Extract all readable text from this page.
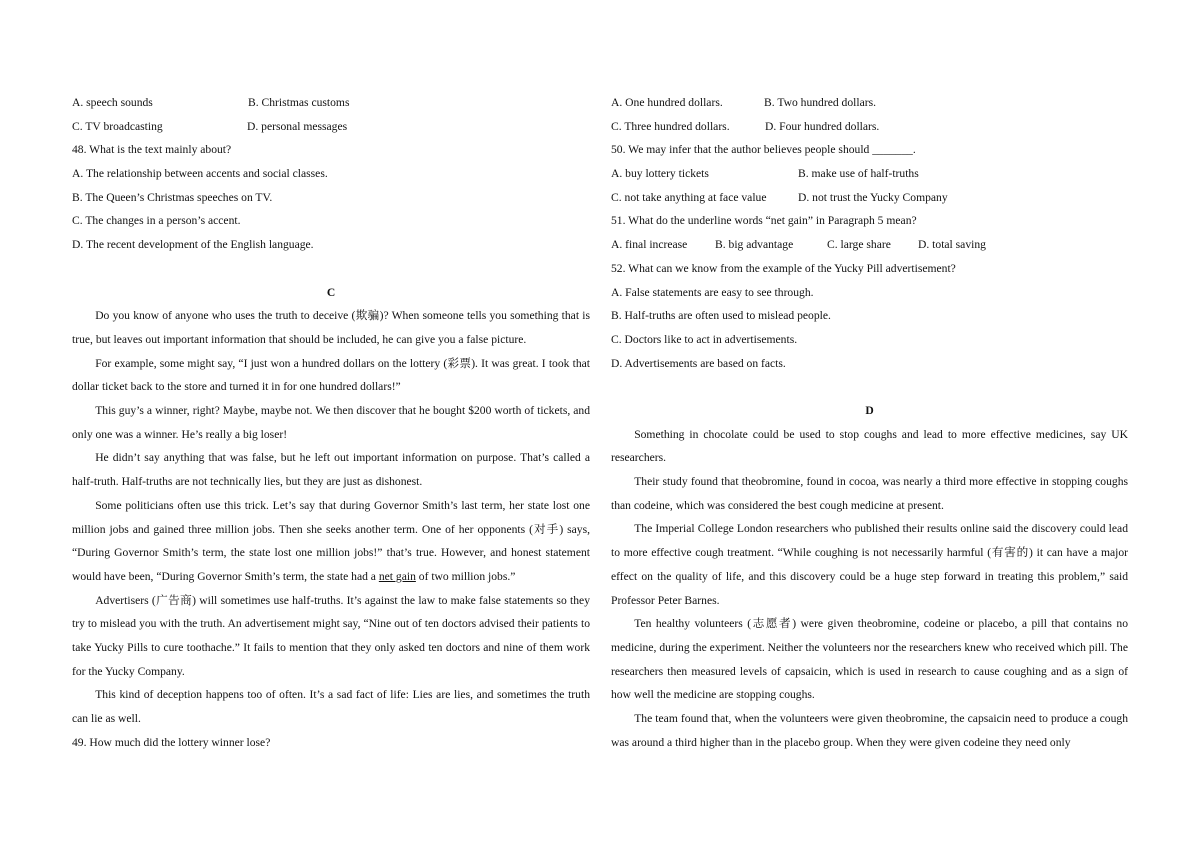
A. speech sounds	B. Christmas customs
C. TV broadcasting	D. personal messages
48. What is the text mainly about?
A. The relationship between accents and social classes.
B. The Queen’s Christmas speeches on TV.
C. The changes in a person’s accent.
D. The recent development of the English language.
C

Do you know of anyone who uses the truth to deceive (欺骗)? When someone tells you something that is true, but leaves out important information that should be included, he can give you a false picture.

For example, some might say, “I just won a hundred dollars on the lottery (彩票). It was great. I took that dollar ticket back to the store and turned it in for one hundred dollars!”

This guy’s a winner, right? Maybe, maybe not. We then discover that he bought $200 worth of tickets, and only one was a winner. He’s really a big loser!

He didn’t say anything that was false, but he left out important information on purpose. That’s called a half-truth. Half-truths are not technically lies, but they are just as dishonest.

Some politicians often use this trick. Let’s say that during Governor Smith’s last term, her state lost one million jobs and gained three million jobs. Then she seeks another term. One of her opponents (对手) says, “During Governor Smith’s term, the state lost one million jobs!” that’s true. However, and honest statement would have been, “During Governor Smith’s term, the state had a net gain of two million jobs.”

Advertisers (广告商) will sometimes use half-truths. It’s against the law to make false statements so they try to mislead you with the truth. An advertisement might say, “Nine out of ten doctors advised their patients to take Yucky Pills to cure toothache.” It fails to mention that they only asked ten doctors and nine of them work for the Yucky Company.

This kind of deception happens too of often. It’s a sad fact of life: Lies are lies, and sometimes the truth can lie as well.

49. How much did the lottery winner lose?
A. One hundred dollars.	B. Two hundred dollars.
C. Three hundred dollars.	D. Four hundred dollars.
50. We may infer that the author believes people should _______.
A. buy lottery tickets	B. make use of half-truths
C. not take anything at face value	D. not trust the Yucky Company
51. What do the underline words “net gain” in Paragraph 5 mean?
A. final increase	B. big advantage	C. large share	D. total saving
52. What can we know from the example of the Yucky Pill advertisement?
A. False statements are easy to see through.
B. Half-truths are often used to mislead people.
C. Doctors like to act in advertisements.
D. Advertisements are based on facts.
D

Something in chocolate could be used to stop coughs and lead to more effective medicines, say UK researchers.

Their study found that theobromine, found in cocoa, was nearly a third more effective in stopping coughs than codeine, which was considered the best cough medicine at present.

The Imperial College London researchers who published their results online said the discovery could lead to more effective cough treatment. “While coughing is not necessarily harmful (有害的) it can have a major effect on the quality of life, and this discovery could be a huge step forward in treating this problem,” said Professor Peter Barnes.

Ten healthy volunteers (志愿者) were given theobromine, codeine or placebo, a pill that contains no medicine, during the experiment. Neither the volunteers nor the researchers knew who received which pill. The researchers then measured levels of capsaicin, which is used in research to cause coughing and as a sign of how well the medicine are stopping coughs.

The team found that, when the volunteers were given theobromine, the capsaicin need to produce a cough was around a third higher than in the placebo group. When they were given codeine they need only
